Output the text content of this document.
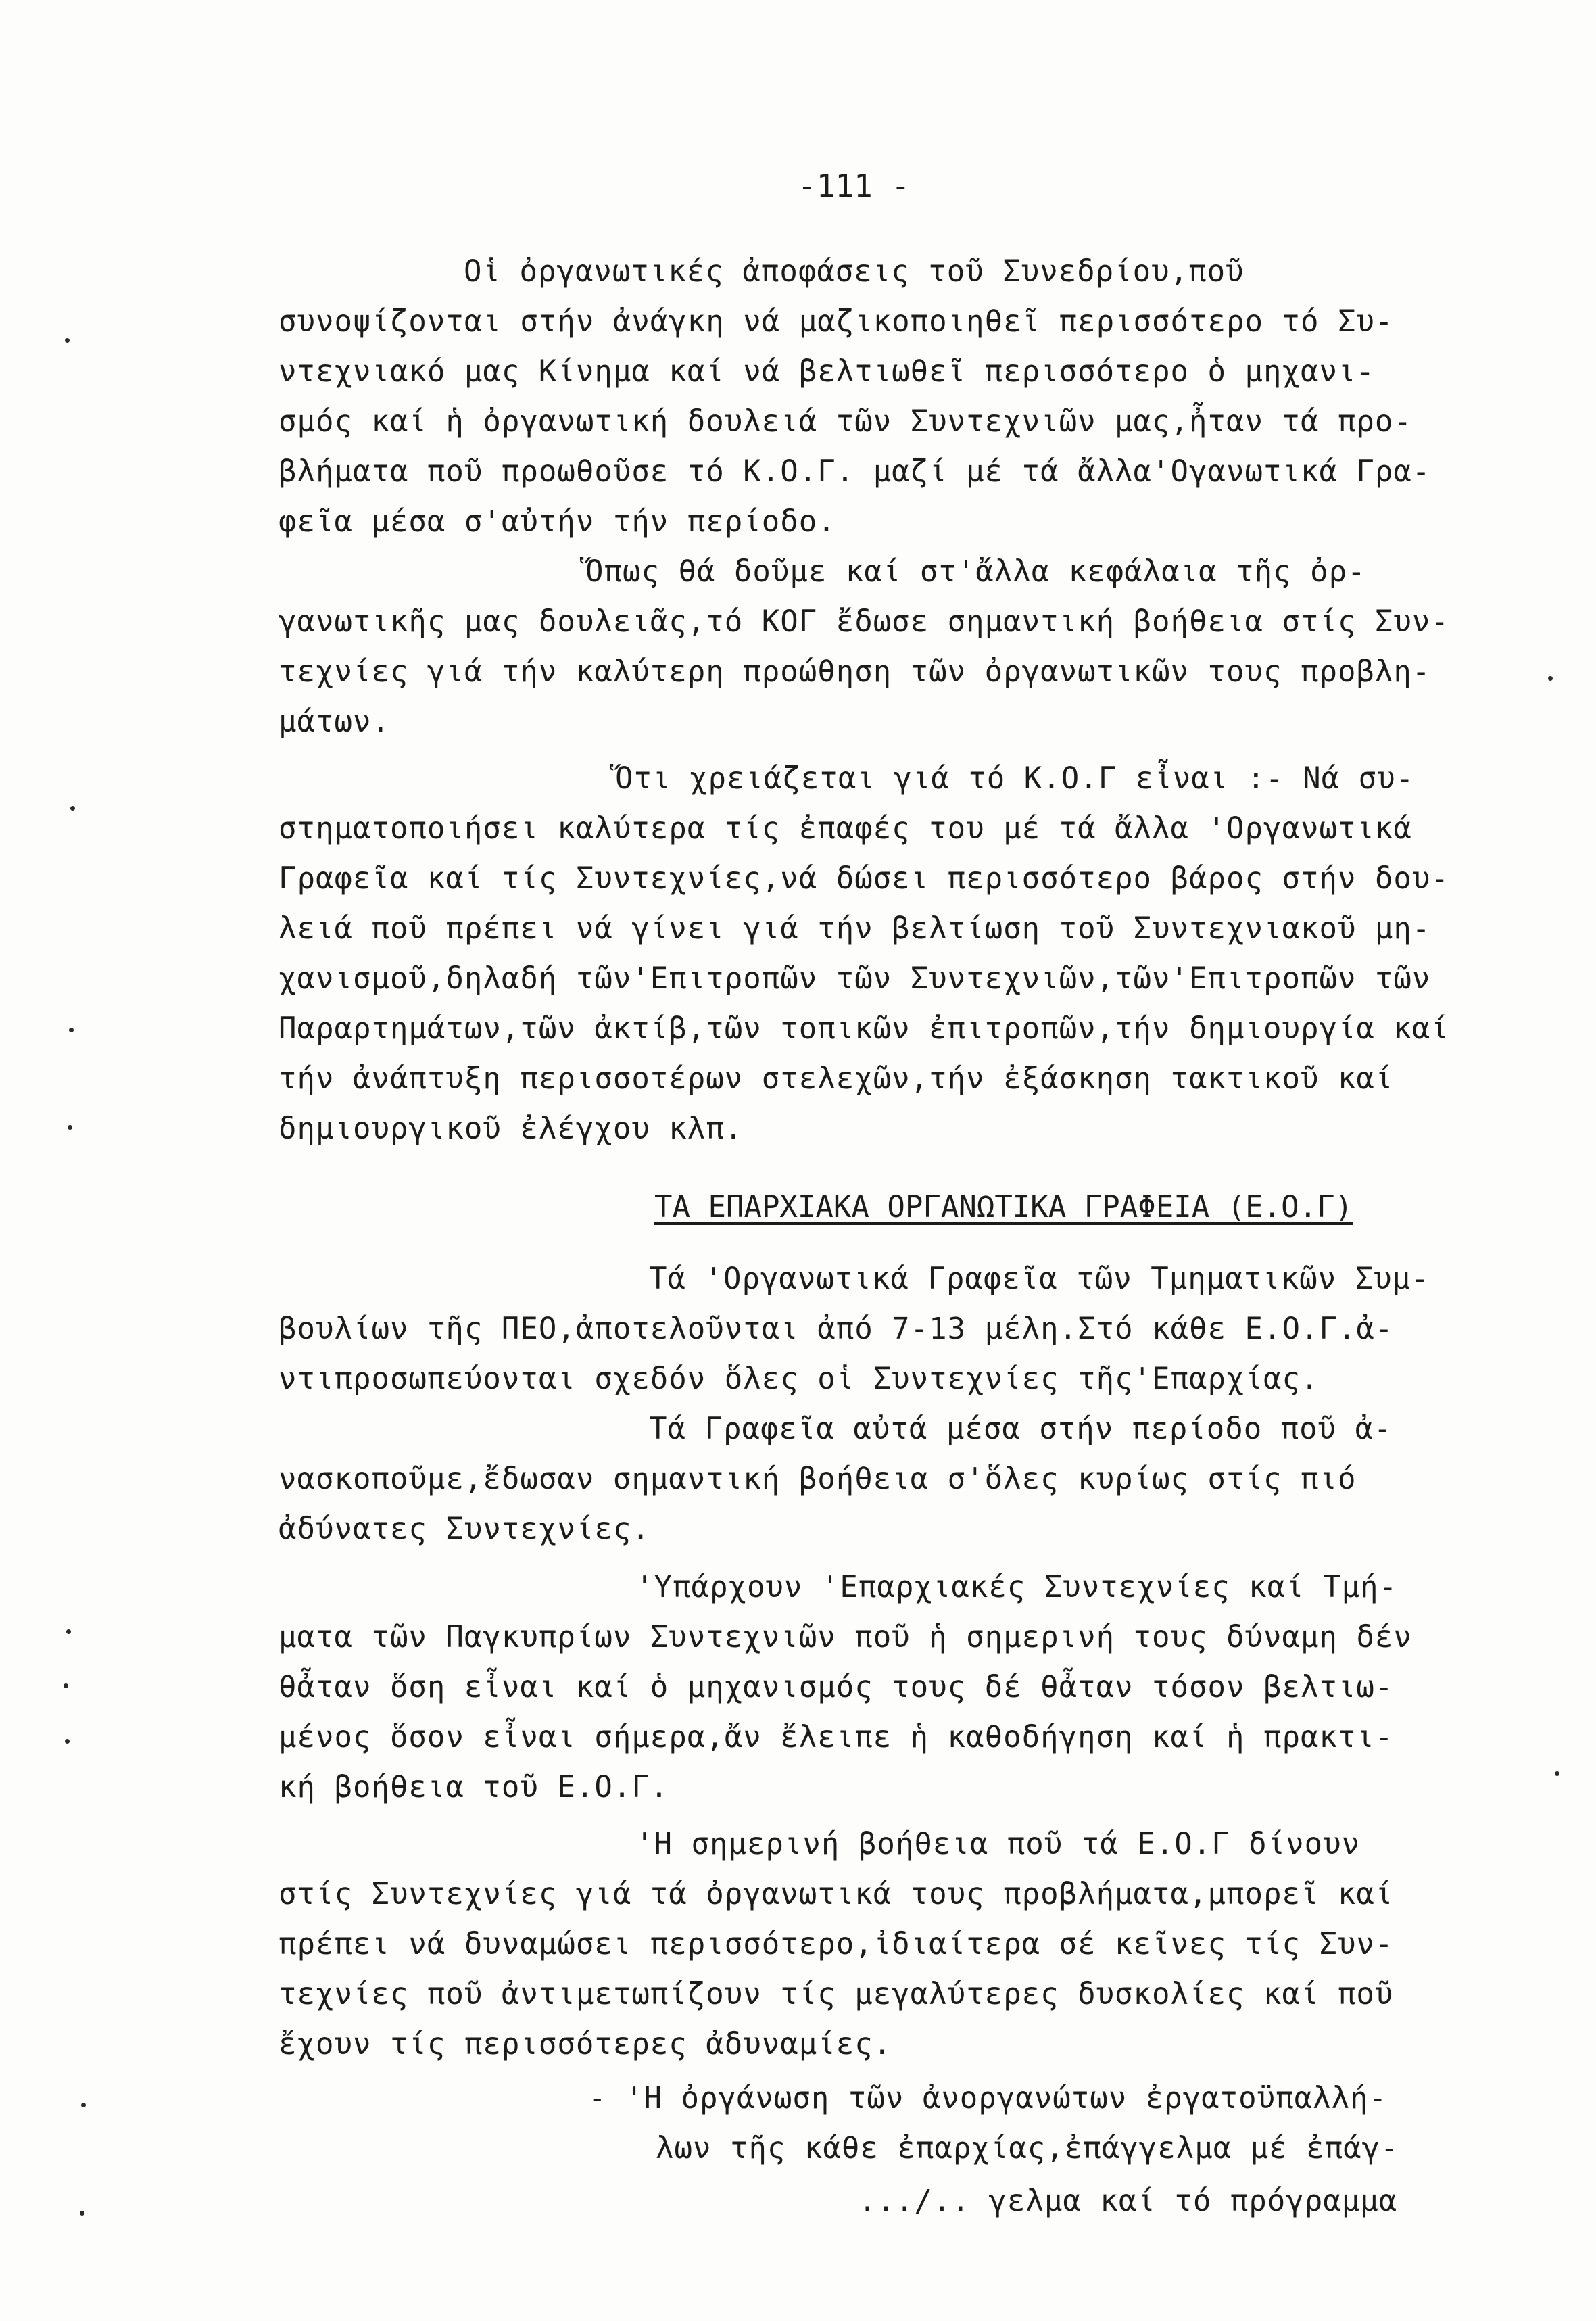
-111 -
Οἱ ὀργανωτικές ἀποφάσεις τοῦ Συνεδρίου,ποῦ
συνοψίζονται στήν ἀνάγκη νά μαζικοποιηθεῖ περισσότερο τό Συ-
ντεχνιακό μας Κίνημα καί νά βελτιωθεῖ περισσότερο ὁ μηχανι-
σμός καί ἡ ὀργανωτική δουλειά τῶν Συντεχνιῶν μας,ἦταν τά προ-
βλήματα ποῦ προωθοῦσε τό Κ.Ο.Γ. μαζί μέ τά ἄλλα'Ογανωτικά Γρα-
φεῖα μέσα σ'αὐτήν τήν περίοδο.
Ὅπως θά δοῦμε καί στ'ἄλλα κεφάλαια τῆς ὀρ-
γανωτικῆς μας δουλειᾶς,τό ΚΟΓ ἔδωσε σημαντική βοήθεια στίς Συν-
τεχνίες γιά τήν καλύτερη προώθηση τῶν ὀργανωτικῶν τους προβλη-
μάτων.
Ὅτι χρειάζεται γιά τό Κ.Ο.Γ εἶναι :- Νά συ-
στηματοποιήσει καλύτερα τίς ἐπαφές του μέ τά ἄλλα 'Οργανωτικά
Γραφεῖα καί τίς Συντεχνίες,νά δώσει περισσότερο βάρος στήν δου-
λειά ποῦ πρέπει νά γίνει γιά τήν βελτίωση τοῦ Συντεχνιακοῦ μη-
χανισμοῦ,δηλαδή τῶν'Επιτροπῶν τῶν Συντεχνιῶν,τῶν'Επιτροπῶν τῶν
Παραρτημάτων,τῶν ἀκτίβ,τῶν τοπικῶν ἐπιτροπῶν,τήν δημιουργία καί
τήν ἀνάπτυξη περισσοτέρων στελεχῶν,τήν ἐξάσκηση τακτικοῦ καί
δημιουργικοῦ ἐλέγχου κλπ.
ΤΑ ΕΠΑΡΧΙΑΚΑ ΟΡΓΑΝΩΤΙΚΑ ΓΡΑΦΕΙΑ (Ε.Ο.Γ)
Τά 'Οργανωτικά Γραφεῖα τῶν Τμηματικῶν Συμ-
βουλίων τῆς ΠΕΟ,ἀποτελοῦνται ἀπό 7-13 μέλη.Στό κάθε Ε.Ο.Γ.ἀ-
ντιπροσωπεύονται σχεδόν ὅλες οἱ Συντεχνίες τῆς'Επαρχίας.
Τά Γραφεῖα αὐτά μέσα στήν περίοδο ποῦ ἀ-
νασκοποῦμε,ἔδωσαν σημαντική βοήθεια σ'ὅλες κυρίως στίς πιό
ἀδύνατες Συντεχνίες.
'Υπάρχουν 'Επαρχιακές Συντεχνίες καί Τμή-
ματα τῶν Παγκυπρίων Συντεχνιῶν ποῦ ἡ σημερινή τους δύναμη δέν
θἆταν ὅση εἶναι καί ὁ μηχανισμός τους δέ θἆταν τόσον βελτιω-
μένος ὅσον εἶναι σήμερα,ἄν ἔλειπε ἡ καθοδήγηση καί ἡ πρακτι-
κή βοήθεια τοῦ Ε.Ο.Γ.
'Η σημερινή βοήθεια ποῦ τά Ε.Ο.Γ δίνουν
στίς Συντεχνίες γιά τά ὀργανωτικά τους προβλήματα,μπορεῖ καί
πρέπει νά δυναμώσει περισσότερο,ἰδιαίτερα σέ κεῖνες τίς Συν-
τεχνίες ποῦ ἀντιμετωπίζουν τίς μεγαλύτερες δυσκολίες καί ποῦ
ἔχουν τίς περισσότερες ἀδυναμίες.
- 'Η ὀργάνωση τῶν ἀνοργανώτων ἐργατοϋπαλλή-
λων τῆς κάθε ἐπαρχίας,ἐπάγγελμα μέ ἐπάγ-
.../.. γελμα καί τό πρόγραμμα
